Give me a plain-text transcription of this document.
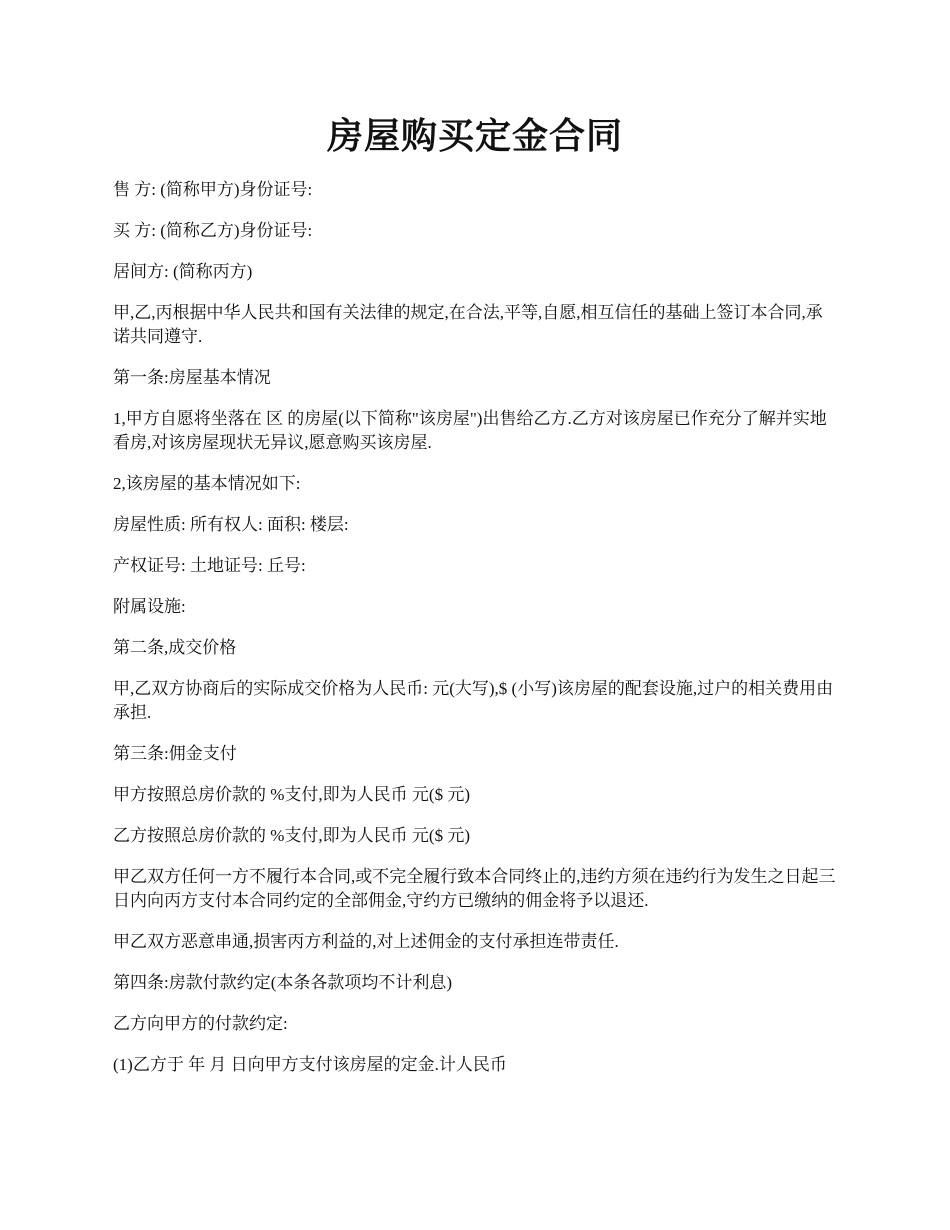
房屋购买定金合同

售 方: (简称甲方)身份证号:

买 方: (简称乙方)身份证号:

居间方: (简称丙方)

甲,乙,丙根据中华人民共和国有关法律的规定,在合法,平等,自愿,相互信任的基础上签订本合同,承诺共同遵守.

第一条:房屋基本情况

1,甲方自愿将坐落在 区 的房屋(以下简称"该房屋")出售给乙方.乙方对该房屋已作充分了解并实地看房,对该房屋现状无异议,愿意购买该房屋.

2,该房屋的基本情况如下:

房屋性质: 所有权人: 面积: 楼层:

产权证号: 土地证号: 丘号:

附属设施:

第二条,成交价格

甲,乙双方协商后的实际成交价格为人民币: 元(大写),$ (小写)该房屋的配套设施,过户的相关费用由 承担.

第三条:佣金支付

甲方按照总房价款的 %支付,即为人民币 元($ 元)

乙方按照总房价款的 %支付,即为人民币 元($ 元)

甲乙双方任何一方不履行本合同,或不完全履行致本合同终止的,违约方须在违约行为发生之日起三日内向丙方支付本合同约定的全部佣金,守约方已缴纳的佣金将予以退还.

甲乙双方恶意串通,损害丙方利益的,对上述佣金的支付承担连带责任.

第四条:房款付款约定(本条各款项均不计利息)

乙方向甲方的付款约定:

(1)乙方于 年 月 日向甲方支付该房屋的定金.计人民币
